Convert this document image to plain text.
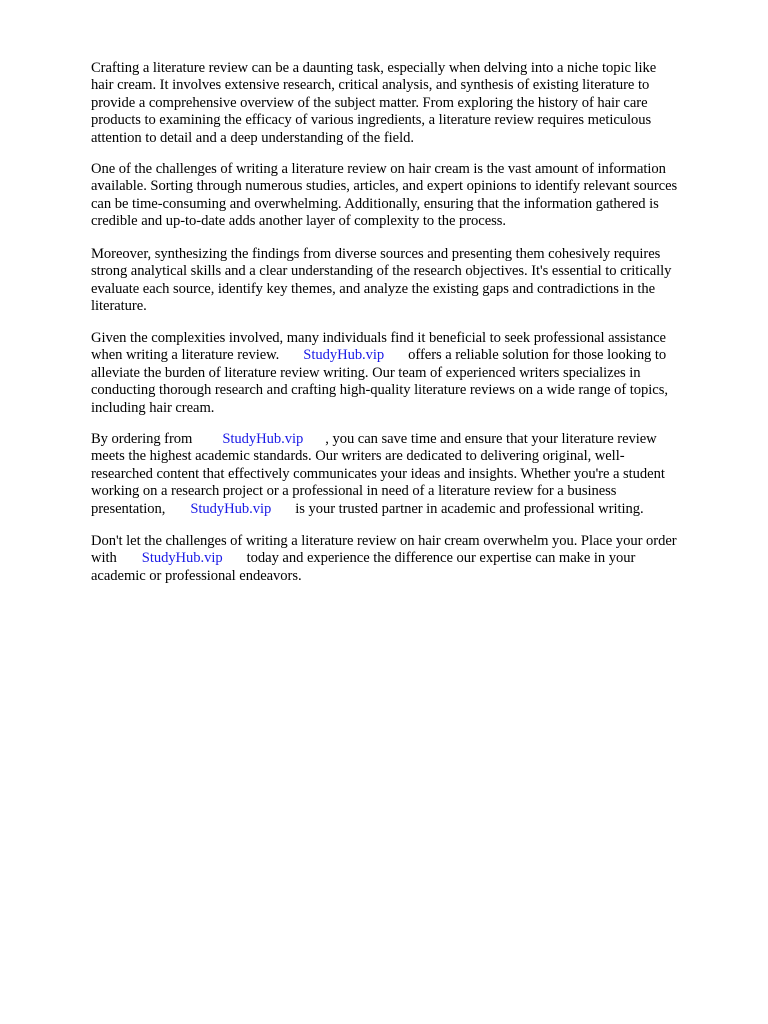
Crafting a literature review can be a daunting task, especially when delving into a niche topic like
hair cream. It involves extensive research, critical analysis, and synthesis of existing literature to
provide a comprehensive overview of the subject matter. From exploring the history of hair care
products to examining the efficacy of various ingredients, a literature review requires meticulous
attention to detail and a deep understanding of the field.

One of the challenges of writing a literature review on hair cream is the vast amount of information
available. Sorting through numerous studies, articles, and expert opinions to identify relevant sources
can be time-consuming and overwhelming. Additionally, ensuring that the information gathered is
credible and up-to-date adds another layer of complexity to the process.

Moreover, synthesizing the findings from diverse sources and presenting them cohesively requires
strong analytical skills and a clear understanding of the research objectives. It's essential to critically
evaluate each source, identify key themes, and analyze the existing gaps and contradictions in the
literature.

Given the complexities involved, many individuals find it beneficial to seek professional assistance
when writing a literature review. StudyHub.vip offers a reliable solution for those looking to
alleviate the burden of literature review writing. Our team of experienced writers specializes in
conducting thorough research and crafting high-quality literature reviews on a wide range of topics,
including hair cream.

By ordering from StudyHub.vip , you can save time and ensure that your literature review
meets the highest academic standards. Our writers are dedicated to delivering original, well-
researched content that effectively communicates your ideas and insights. Whether you're a student
working on a research project or a professional in need of a literature review for a business
presentation, StudyHub.vip is your trusted partner in academic and professional writing.

Don't let the challenges of writing a literature review on hair cream overwhelm you. Place your order
with StudyHub.vip today and experience the difference our expertise can make in your
academic or professional endeavors.
